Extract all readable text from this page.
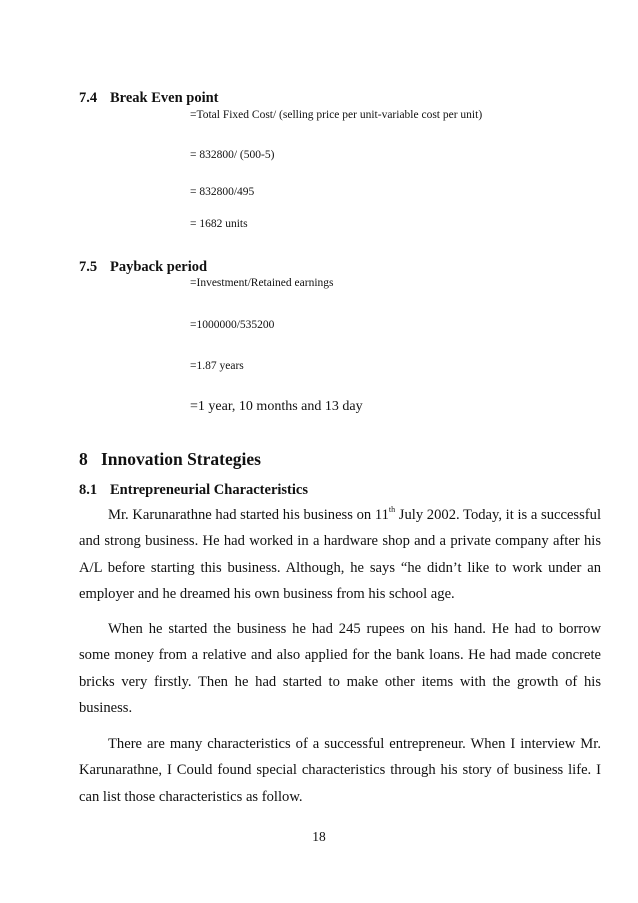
7.4 Break Even point
=Total Fixed Cost/ (selling price per unit-variable cost per unit)
= 832800/ (500-5)
= 832800/495
= 1682 units
7.5 Payback period
=Investment/Retained earnings
=1000000/535200
=1.87 years
=1 year, 10 months and 13 day
8 Innovation Strategies
8.1 Entrepreneurial Characteristics
Mr. Karunarathne had started his business on 11th July 2002. Today, it is a successful and strong business. He had worked in a hardware shop and a private company after his A/L before starting this business. Although, he says “he didn’t like to work under an employer and he dreamed his own business from his school age.
When he started the business he had 245 rupees on his hand. He had to borrow some money from a relative and also applied for the bank loans. He had made concrete bricks very firstly. Then he had started to make other items with the growth of his business.
There are many characteristics of a successful entrepreneur. When I interview Mr. Karunarathne, I Could found special characteristics through his story of business life. I can list those characteristics as follow.
18
